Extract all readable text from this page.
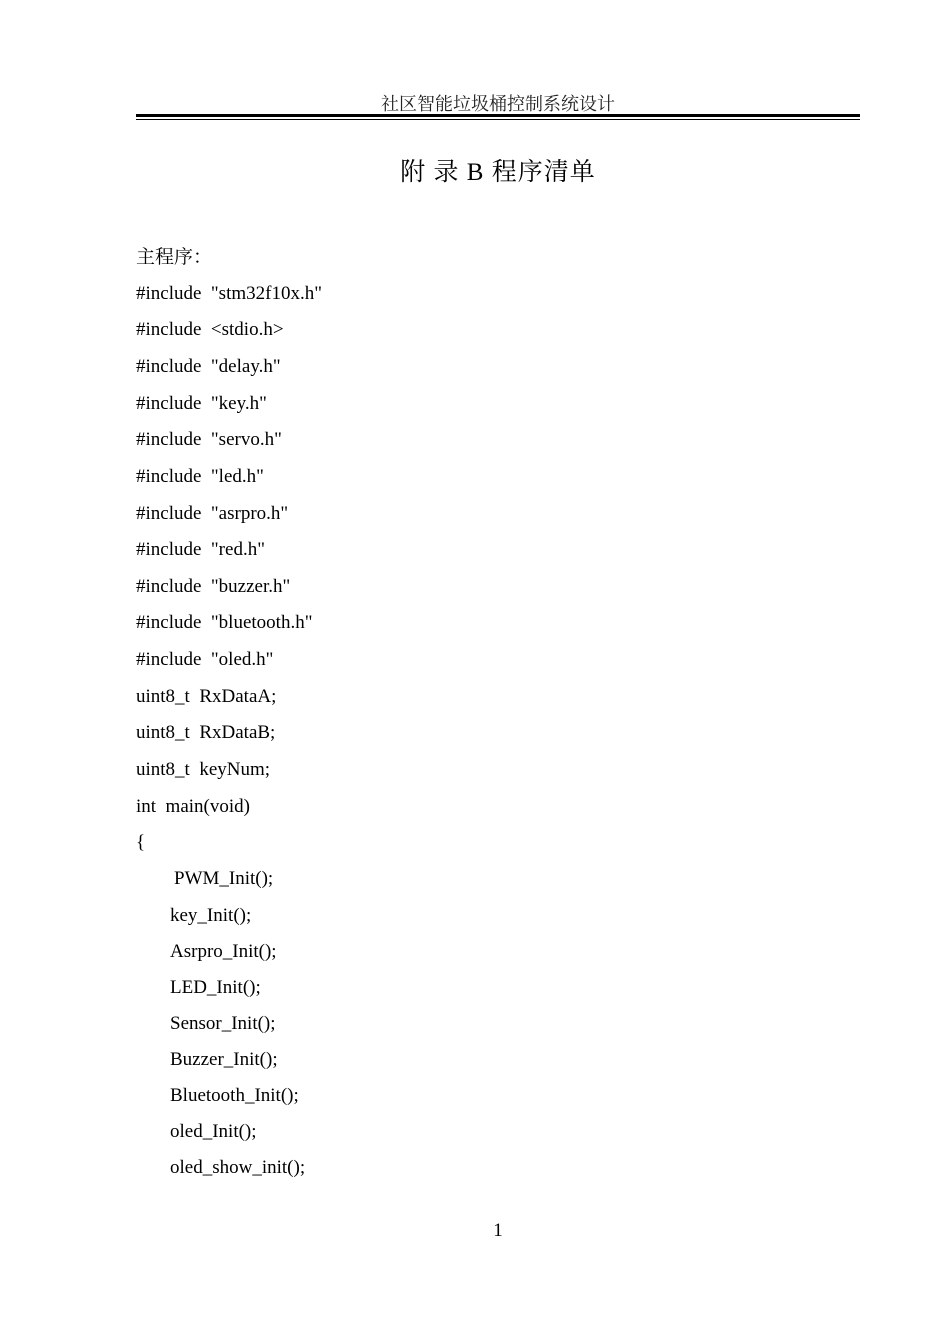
社区智能垃圾桶控制系统设计
附 录 B 程序清单
主程序：
#include  "stm32f10x.h"
#include  <stdio.h>
#include  "delay.h"
#include  "key.h"
#include  "servo.h"
#include  "led.h"
#include  "asrpro.h"
#include  "red.h"
#include  "buzzer.h"
#include  "bluetooth.h"
#include  "oled.h"
uint8_t  RxDataA;
uint8_t  RxDataB;
uint8_t  keyNum;
int  main(void)
{
PWM_Init();
key_Init();
Asrpro_Init();
LED_Init();
Sensor_Init();
Buzzer_Init();
Bluetooth_Init();
oled_Init();
oled_show_init();
1
